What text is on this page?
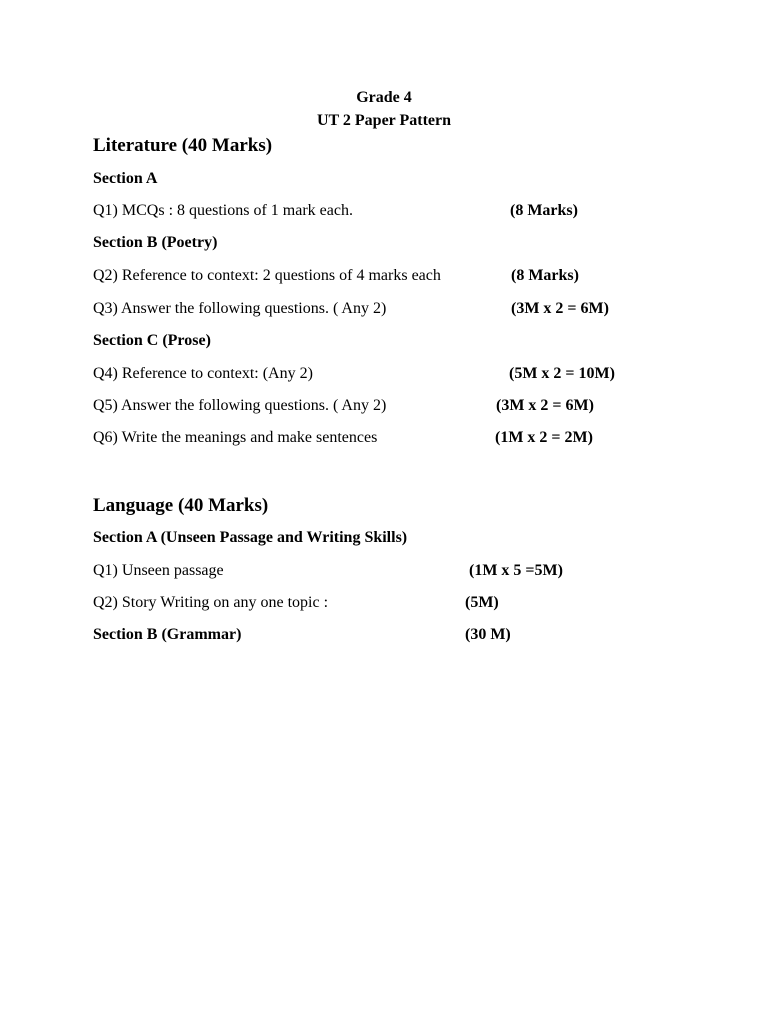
Grade 4
UT 2 Paper Pattern
Literature (40 Marks)
Section A
Q1) MCQs : 8 questions of 1 mark each.	(8 Marks)
Section B (Poetry)
Q2) Reference to context: 2 questions of 4 marks each	(8 Marks)
Q3) Answer the following questions. ( Any 2)	(3M x 2 = 6M)
Section C (Prose)
Q4) Reference to context: (Any 2)	(5M x 2 = 10M)
Q5) Answer the following questions. ( Any 2)	(3M x 2 = 6M)
Q6) Write the meanings and make sentences	(1M x 2 = 2M)
Language (40 Marks)
Section A (Unseen Passage and Writing Skills)
Q1) Unseen passage	(1M x 5 =5M)
Q2) Story Writing on any one topic :	(5M)
Section B (Grammar)	(30 M)
